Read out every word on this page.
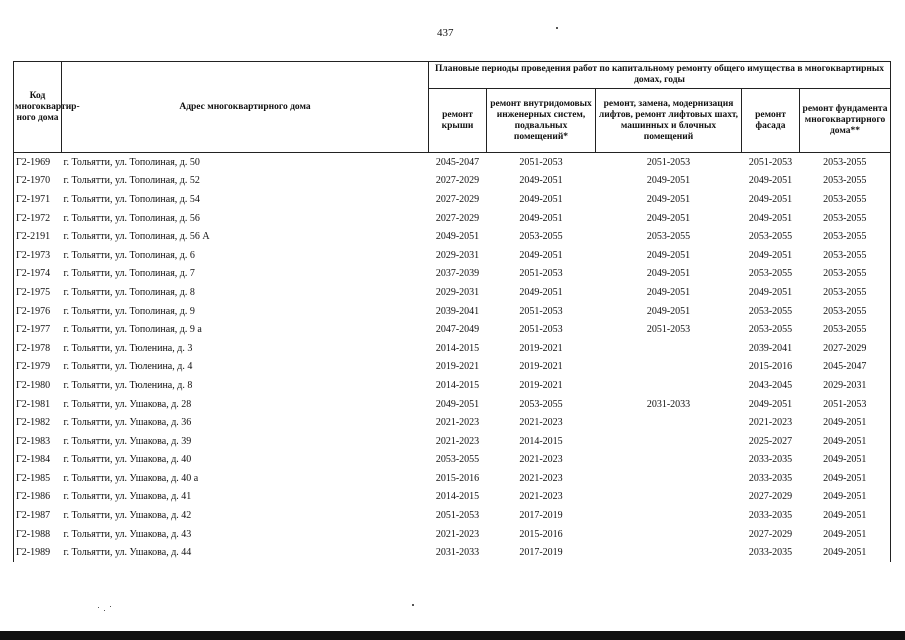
437
Код многоквартир-ного дома	Адрес многоквартирного дома	Плановые периоды проведения работ по капитальному ремонту общего имущества в многоквартирных домах, годы				
		ремонт крыши	ремонт внутридомовых инженерных систем, подвальных помещений*	ремонт, замена, модернизация лифтов, ремонт лифтовых шахт, машинных и блочных помещений	ремонт фасада	ремонт фундамента многоквартирного дома**
Г2-1969	г. Тольятти, ул. Тополиная, д. 50	2045-2047	2051-2053	2051-2053	2051-2053	2053-2055
Г2-1970	г. Тольятти, ул. Тополиная, д. 52	2027-2029	2049-2051	2049-2051	2049-2051	2053-2055
Г2-1971	г. Тольятти, ул. Тополиная, д. 54	2027-2029	2049-2051	2049-2051	2049-2051	2053-2055
Г2-1972	г. Тольятти, ул. Тополиная, д. 56	2027-2029	2049-2051	2049-2051	2049-2051	2053-2055
Г2-2191	г. Тольятти, ул. Тополиная, д. 56 А	2049-2051	2053-2055	2053-2055	2053-2055	2053-2055
Г2-1973	г. Тольятти, ул. Тополиная, д. 6	2029-2031	2049-2051	2049-2051	2049-2051	2053-2055
Г2-1974	г. Тольятти, ул. Тополиная, д. 7	2037-2039	2051-2053	2049-2051	2053-2055	2053-2055
Г2-1975	г. Тольятти, ул. Тополиная, д. 8	2029-2031	2049-2051	2049-2051	2049-2051	2053-2055
Г2-1976	г. Тольятти, ул. Тополиная, д. 9	2039-2041	2051-2053	2049-2051	2053-2055	2053-2055
Г2-1977	г. Тольятти, ул. Тополиная, д. 9 а	2047-2049	2051-2053	2051-2053	2053-2055	2053-2055
Г2-1978	г. Тольятти, ул. Тюленина, д. 3	2014-2015	2019-2021		2039-2041	2027-2029
Г2-1979	г. Тольятти, ул. Тюленина, д. 4	2019-2021	2019-2021		2015-2016	2045-2047
Г2-1980	г. Тольятти, ул. Тюленина, д. 8	2014-2015	2019-2021		2043-2045	2029-2031
Г2-1981	г. Тольятти, ул. Ушакова, д. 28	2049-2051	2053-2055	2031-2033	2049-2051	2051-2053
Г2-1982	г. Тольятти, ул. Ушакова, д. 36	2021-2023	2021-2023		2021-2023	2049-2051
Г2-1983	г. Тольятти, ул. Ушакова, д. 39	2021-2023	2014-2015		2025-2027	2049-2051
Г2-1984	г. Тольятти, ул. Ушакова, д. 40	2053-2055	2021-2023		2033-2035	2049-2051
Г2-1985	г. Тольятти, ул. Ушакова, д. 40 а	2015-2016	2021-2023		2033-2035	2049-2051
Г2-1986	г. Тольятти, ул. Ушакова, д. 41	2014-2015	2021-2023		2027-2029	2049-2051
Г2-1987	г. Тольятти, ул. Ушакова, д. 42	2051-2053	2017-2019		2033-2035	2049-2051
Г2-1988	г. Тольятти, ул. Ушакова, д. 43	2021-2023	2015-2016		2027-2029	2049-2051
Г2-1989	г. Тольятти, ул. Ушакова, д. 44	2031-2033	2017-2019		2033-2035	2049-2051
